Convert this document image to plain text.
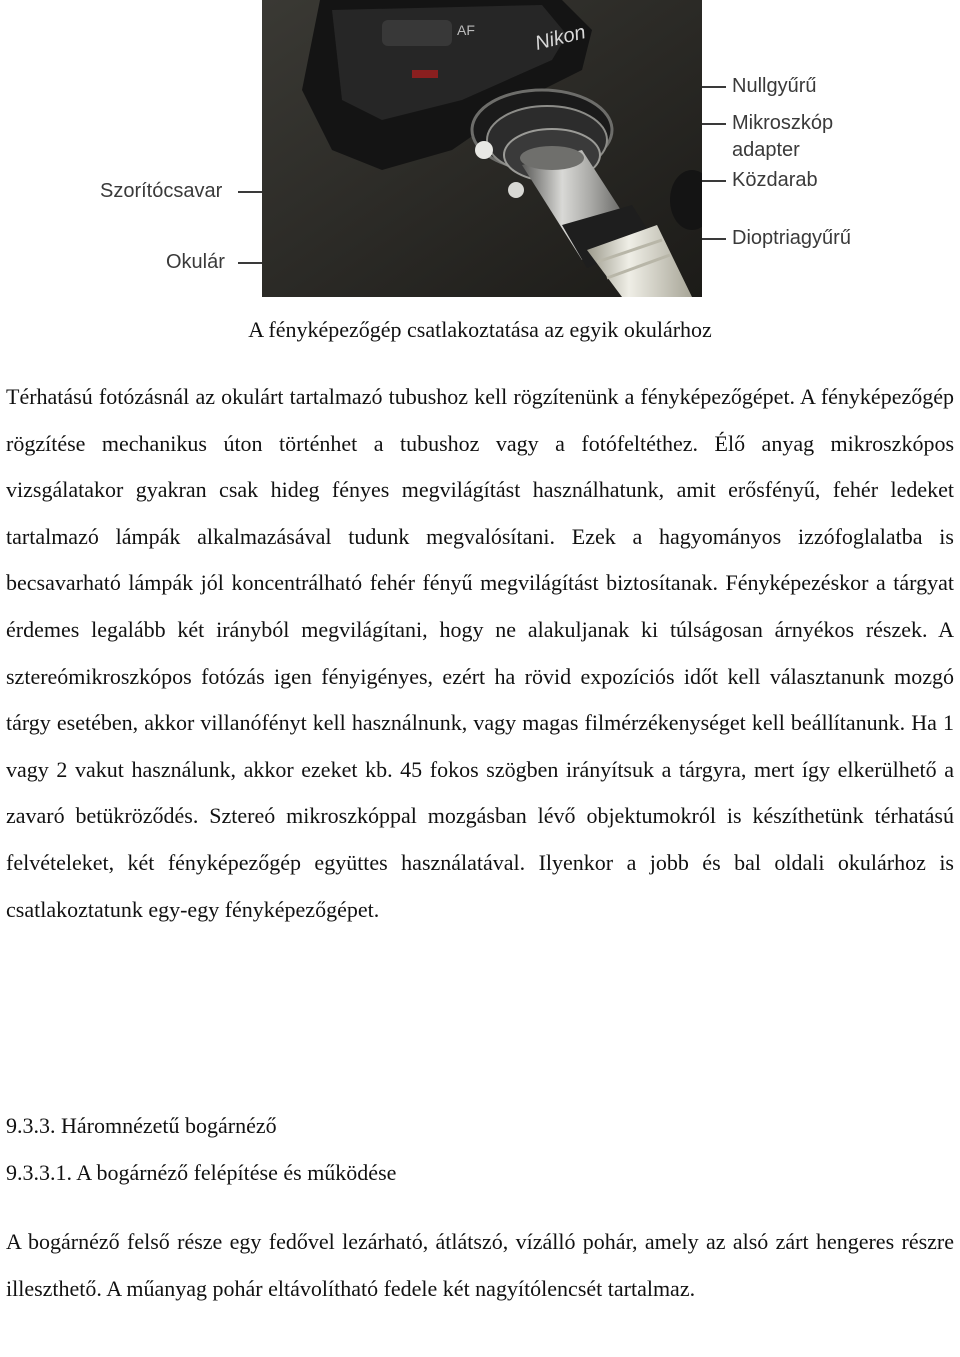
Nikon
AF
Nullgyűrű
Mikroszkóp
adapter
Közdarab
Dioptriagyűrű
Szorítócsavar
Okulár
A fényképezőgép csatlakoztatása az egyik okulárhoz

Térhatású fotózásnál az okulárt tartalmazó tubushoz kell rögzítenünk a fényképezőgépet. A fényképezőgép rögzítése mechanikus úton történhet a tubushoz vagy a fotófeltéthez. Élő anyag mikroszkópos vizsgálatakor gyakran csak hideg fényes megvilágítást használhatunk, amit erősfényű, fehér ledeket tartalmazó lámpák alkalmazásával tudunk megvalósítani. Ezek a hagyományos izzófoglalatba is becsavarható lámpák jól koncentrálható fehér fényű megvilágítást biztosítanak. Fényképezéskor a tárgyat érdemes legalább két irányból megvilágítani, hogy ne alakuljanak ki túlságosan árnyékos részek. A sztereómikroszkópos fotózás igen fényigényes, ezért ha rövid expozíciós időt kell választanunk mozgó tárgy esetében, akkor villanófényt kell használnunk, vagy magas filmérzékenységet kell beállítanunk. Ha 1 vagy 2 vakut használunk, akkor ezeket kb. 45 fokos szögben irányítsuk a tárgyra, mert így elkerülhető a zavaró betükröződés. Sztereó mikroszkóppal mozgásban lévő objektumokról is készíthetünk térhatású felvételeket, két fényképezőgép együttes használatával. Ilyenkor a jobb és bal oldali okulárhoz is csatlakoztatunk egy-egy fényképezőgépet.

9.3.3. Háromnézetű bogárnéző
9.3.3.1. A bogárnéző felépítése és működése

A bogárnéző felső része egy fedővel lezárható, átlátszó, vízálló pohár, amely az alsó zárt hengeres részre illeszthető. A műanyag pohár eltávolítható fedele két nagyítólencsét tartalmaz.
